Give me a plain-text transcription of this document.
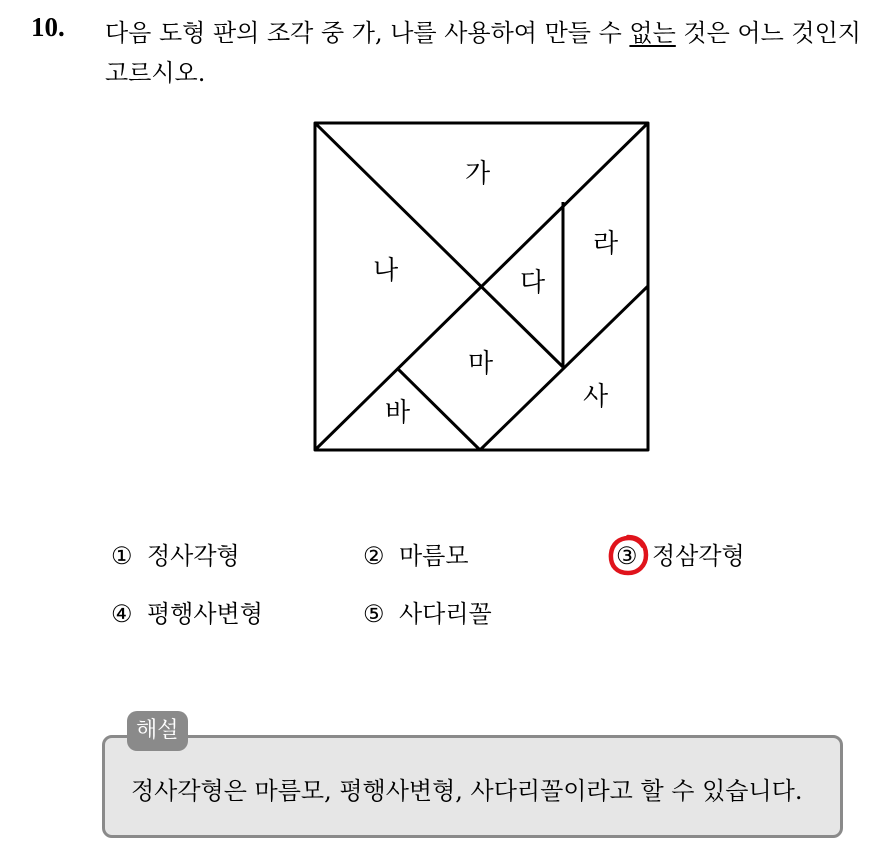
10. 다음 도형 판의 조각 중 가, 나를 사용하여 만들 수 없는 것은 어느 것인지 고르시오.
가
나	다
라
마
바
사
① 정사각형	② 마름모	③ 정삼각형
④ 평행사변형	⑤ 사다리꼴
해설
정사각형은 마름모, 평행사변형, 사다리꼴이라고 할 수 있습니다.
